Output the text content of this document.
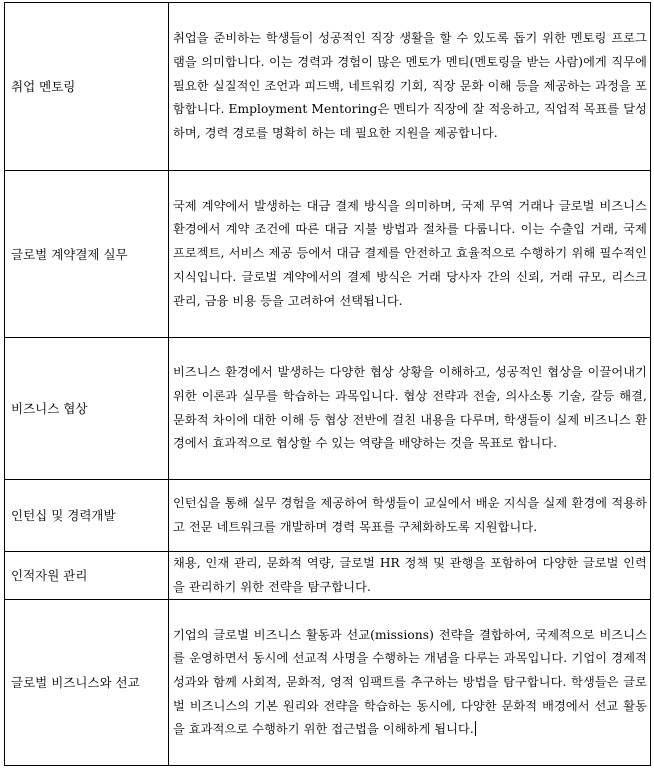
취업 멘토링	취업을 준비하는 학생들이 성공적인 직장 생활을 할 수 있도록 돕기 위한 멘토링 프로그램을 의미합니다. 이는 경력과 경험이 많은 멘토가 멘티(멘토링을 받는 사람)에게 직무에 필요한 실질적인 조언과 피드백, 네트워킹 기회, 직장 문화 이해 등을 제공하는 과정을 포함합니다. Employment Mentoring은 멘티가 직장에 잘 적응하고, 직업적 목표를 달성하며, 경력 경로를 명확히 하는 데 필요한 지원을 제공합니다.
글로벌 계약결제 실무	국제 계약에서 발생하는 대금 결제 방식을 의미하며, 국제 무역 거래나 글로벌 비즈니스 환경에서 계약 조건에 따른 대금 지불 방법과 절차를 다룹니다. 이는 수출입 거래, 국제 프로젝트, 서비스 제공 등에서 대금 결제를 안전하고 효율적으로 수행하기 위해 필수적인 지식입니다. 글로벌 계약에서의 결제 방식은 거래 당사자 간의 신뢰, 거래 규모, 리스크 관리, 금융 비용 등을 고려하여 선택됩니다.
비즈니스 협상	비즈니스 환경에서 발생하는 다양한 협상 상황을 이해하고, 성공적인 협상을 이끌어내기 위한 이론과 실무를 학습하는 과목입니다. 협상 전략과 전술, 의사소통 기술, 갈등 해결, 문화적 차이에 대한 이해 등 협상 전반에 걸친 내용을 다루며, 학생들이 실제 비즈니스 환경에서 효과적으로 협상할 수 있는 역량을 배양하는 것을 목표로 합니다.
인턴십 및 경력개발	인턴십을 통해 실무 경험을 제공하여 학생들이 교실에서 배운 지식을 실제 환경에 적용하고 전문 네트워크를 개발하며 경력 목표를 구체화하도록 지원합니다.
인적자원 관리	채용, 인재 관리, 문화적 역량, 글로벌 HR 정책 및 관행을 포함하여 다양한 글로벌 인력을 관리하기 위한 전략을 탐구합니다.
글로벌 비즈니스와 선교	기업의 글로벌 비즈니스 활동과 선교(missions) 전략을 결합하여, 국제적으로 비즈니스를 운영하면서 동시에 선교적 사명을 수행하는 개념을 다루는 과목입니다. 기업이 경제적 성과와 함께 사회적, 문화적, 영적 임팩트를 추구하는 방법을 탐구합니다. 학생들은 글로벌 비즈니스의 기본 원리와 전략을 학습하는 동시에, 다양한 문화적 배경에서 선교 활동을 효과적으로 수행하기 위한 접근법을 이해하게 됩니다.
